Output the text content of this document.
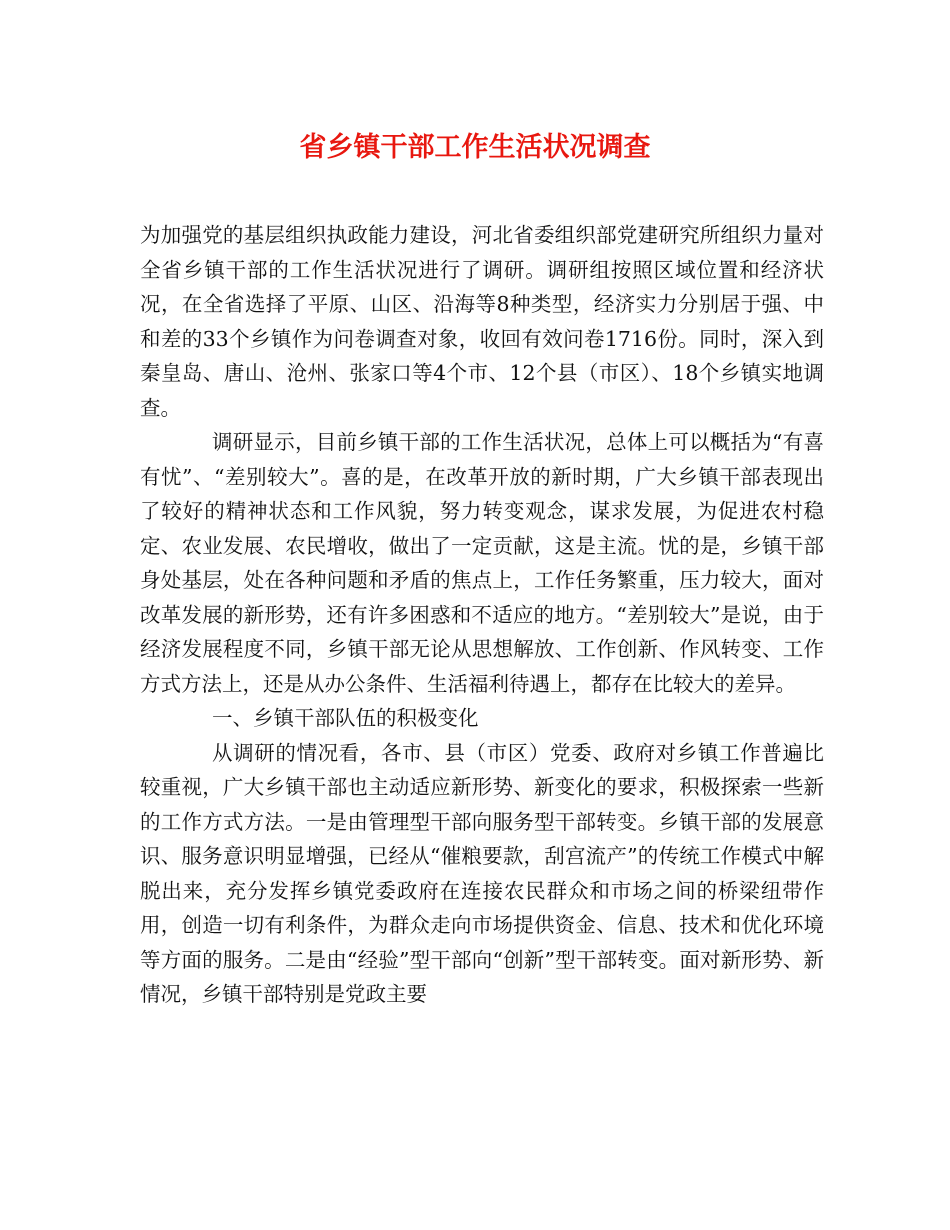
省乡镇干部工作生活状况调查

为加强党的基层组织执政能力建设，河北省委组织部党建研究所组织力量对全省乡镇干部的工作生活状况进行了调研。调研组按照区域位置和经济状况，在全省选择了平原、山区、沿海等8种类型，经济实力分别居于强、中和差的33个乡镇作为问卷调查对象，收回有效问卷1716份。同时，深入到秦皇岛、唐山、沧州、张家口等4个市、12个县（市区）、18个乡镇实地调查。

调研显示，目前乡镇干部的工作生活状况，总体上可以概括为“有喜有忧”、“差别较大”。喜的是，在改革开放的新时期，广大乡镇干部表现出了较好的精神状态和工作风貌，努力转变观念，谋求发展，为促进农村稳定、农业发展、农民增收，做出了一定贡献，这是主流。忧的是，乡镇干部身处基层，处在各种问题和矛盾的焦点上，工作任务繁重，压力较大，面对改革发展的新形势，还有许多困惑和不适应的地方。“差别较大”是说，由于经济发展程度不同，乡镇干部无论从思想解放、工作创新、作风转变、工作方式方法上，还是从办公条件、生活福利待遇上，都存在比较大的差异。

一、乡镇干部队伍的积极变化

从调研的情况看，各市、县（市区）党委、政府对乡镇工作普遍比较重视，广大乡镇干部也主动适应新形势、新变化的要求，积极探索一些新的工作方式方法。一是由管理型干部向服务型干部转变。乡镇干部的发展意识、服务意识明显增强，已经从“催粮要款，刮宫流产”的传统工作模式中解脱出来，充分发挥乡镇党委政府在连接农民群众和市场之间的桥梁纽带作用，创造一切有利条件，为群众走向市场提供资金、信息、技术和优化环境等方面的服务。二是由“经验”型干部向“创新”型干部转变。面对新形势、新情况，乡镇干部特别是党政主要
